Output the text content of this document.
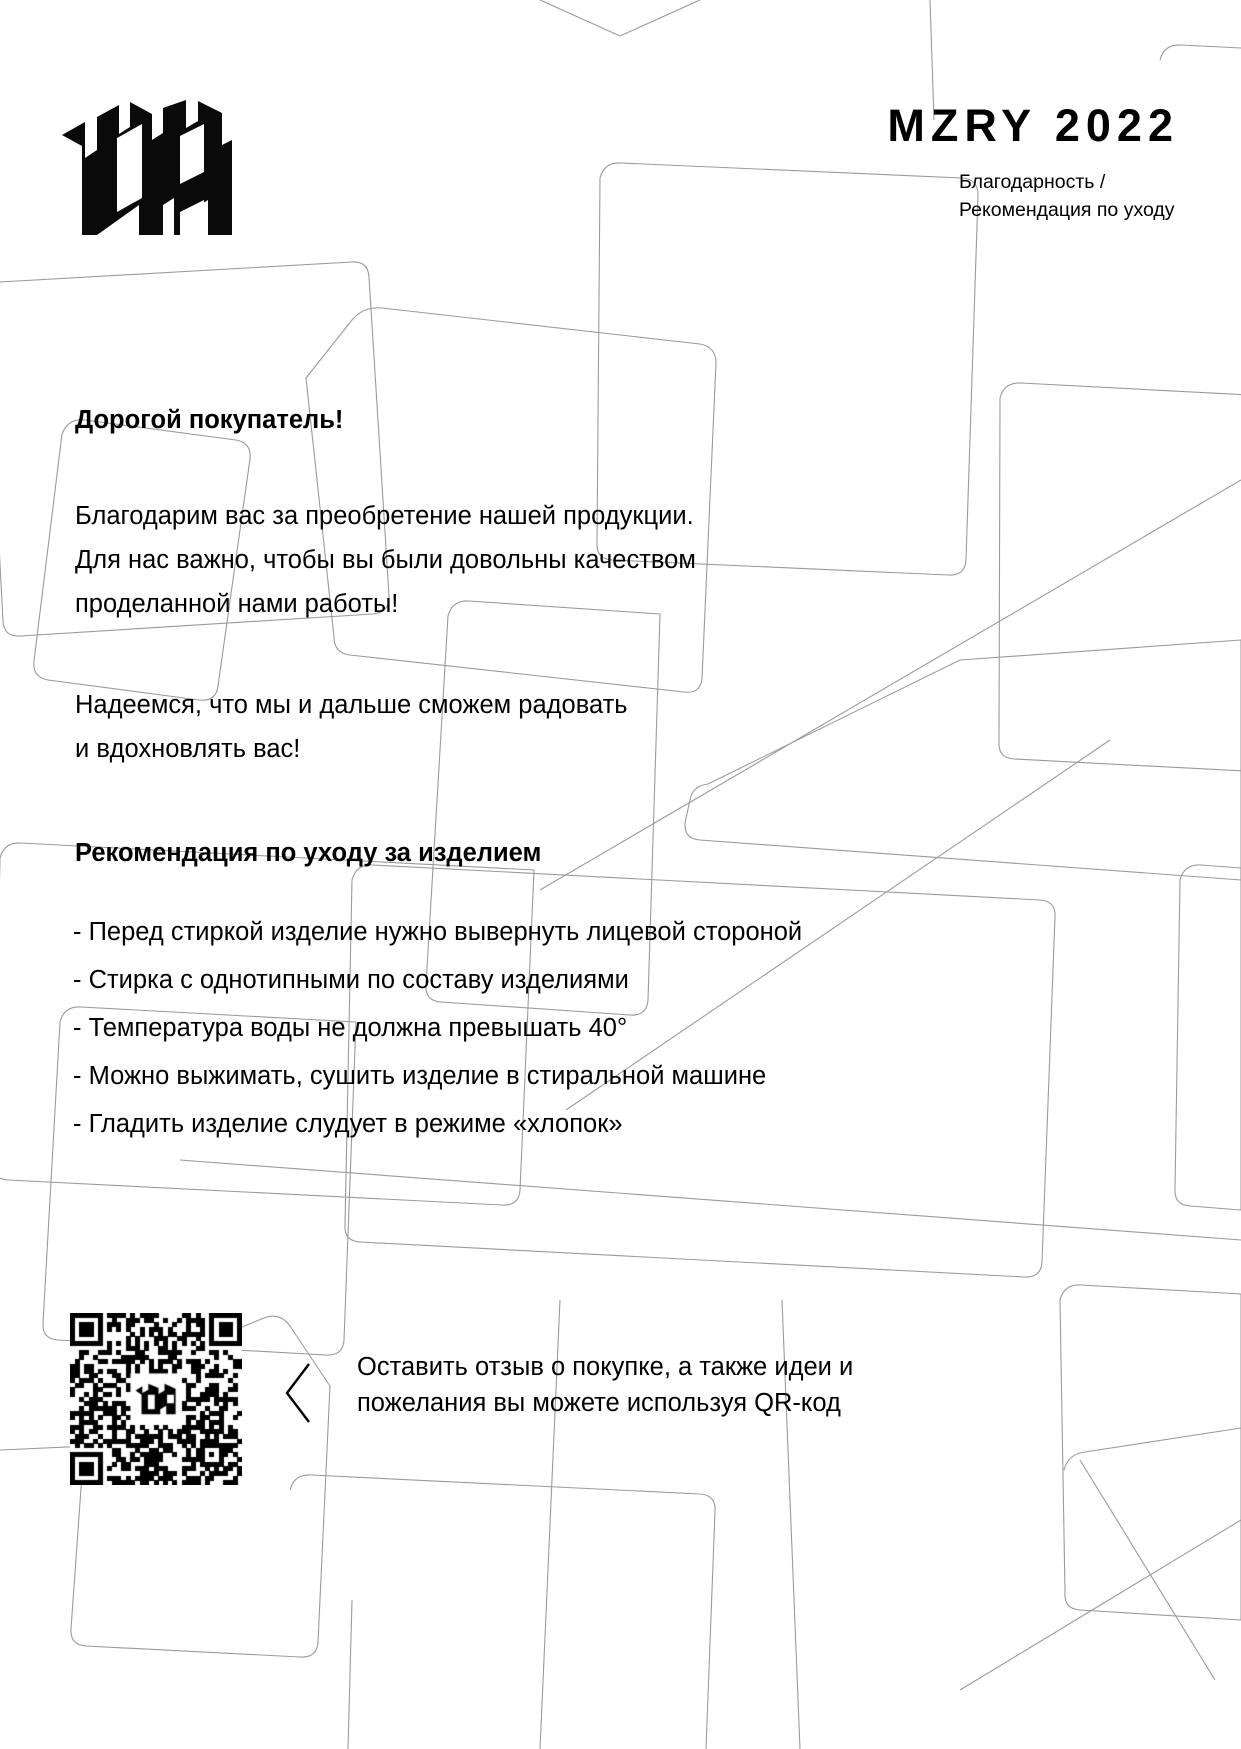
MZRY 2022
Благодарность /
Рекомендация по уходу
Дорогой покупатель!
Благодарим вас за преобретение нашей продукции.
Для нас важно, чтобы вы были довольны качеством
проделанной нами работы!
Надеемся, что мы и дальше сможем радовать
и вдохновлять вас!
Рекомендация по уходу за изделием
- Перед стиркой изделие нужно вывернуть лицевой стороной
- Стирка с однотипными по составу изделиями
- Температура воды не должна превышать 40°
- Можно выжимать, сушить изделие в стиральной машине
- Гладить изделие слудует в режиме «хлопок»
Оставить отзыв о покупке, а также идеи и
пожелания вы можете используя QR-код
